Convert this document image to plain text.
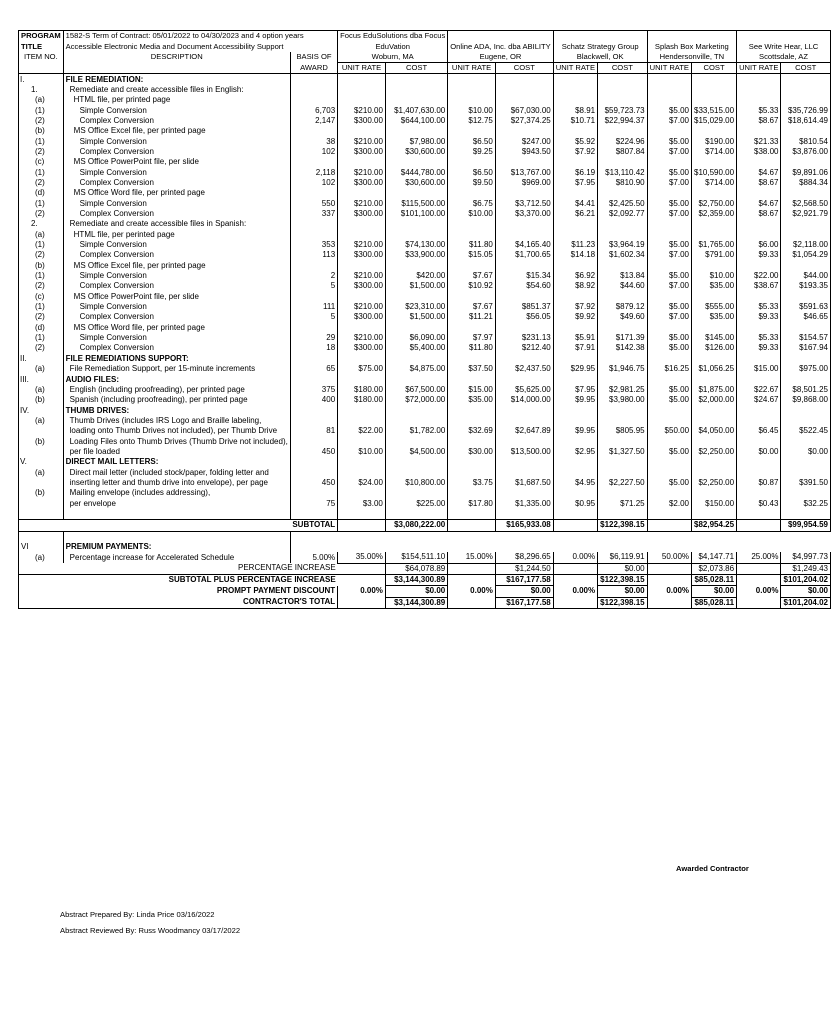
PROGRAM	1582-S Term of Contract: 05/01/2022 to 04/30/2023 and 4 option years		Focus EduSolutions dba Focus									
TITLE	Accessible Electronic Media and Document Accessibility Support		EduVation		Online ADA, Inc. dba ABILITY		Schatz Strategy Group		Splash Box Marketing		See Write Hear, LLC	
ITEM NO.	DESCRIPTION	BASIS OF	Woburn, MA		Eugene, OR		Blackwell, OK		Hendersonville, TN		Scottsdale, AZ	
		AWARD	UNIT RATE	COST	UNIT RATE	COST	UNIT RATE	COST	UNIT RATE	COST	UNIT RATE	COST
I.	FILE REMEDIATION:											
1.	Remediate and create accessible files in English:											
(a)	HTML file, per printed page											
(1)	Simple Conversion	6,703	$210.00	$1,407,630.00	$10.00	$67,030.00	$8.91	$59,723.73	$5.00	$33,515.00	$5.33	$35,726.99
(2)	Complex Conversion	2,147	$300.00	$644,100.00	$12.75	$27,374.25	$10.71	$22,994.37	$7.00	$15,029.00	$8.67	$18,614.49
(b)	MS Office Excel file, per printed page											
(1)	Simple Conversion	38	$210.00	$7,980.00	$6.50	$247.00	$5.92	$224.96	$5.00	$190.00	$21.33	$810.54
(2)	Complex Conversion	102	$300.00	$30,600.00	$9.25	$943.50	$7.92	$807.84	$7.00	$714.00	$38.00	$3,876.00
(c)	MS Office PowerPoint file, per slide											
(1)	Simple Conversion	2,118	$210.00	$444,780.00	$6.50	$13,767.00	$6.19	$13,110.42	$5.00	$10,590.00	$4.67	$9,891.06
(2)	Complex Conversion	102	$300.00	$30,600.00	$9.50	$969.00	$7.95	$810.90	$7.00	$714.00	$8.67	$884.34
(d)	MS Office Word file, per printed page											
(1)	Simple Conversion	550	$210.00	$115,500.00	$6.75	$3,712.50	$4.41	$2,425.50	$5.00	$2,750.00	$4.67	$2,568.50
(2)	Complex Conversion	337	$300.00	$101,100.00	$10.00	$3,370.00	$6.21	$2,092.77	$7.00	$2,359.00	$8.67	$2,921.79
2.	Remediate and create accessible files in Spanish:											
(a)	HTML file, per perinted page											
(1)	Simple Conversion	353	$210.00	$74,130.00	$11.80	$4,165.40	$11.23	$3,964.19	$5.00	$1,765.00	$6.00	$2,118.00
(2)	Complex Conversion	113	$300.00	$33,900.00	$15.05	$1,700.65	$14.18	$1,602.34	$7.00	$791.00	$9.33	$1,054.29
(b)	MS Office Excel file, per printed page											
(1)	Simple Conversion	2	$210.00	$420.00	$7.67	$15.34	$6.92	$13.84	$5.00	$10.00	$22.00	$44.00
(2)	Complex Conversion	5	$300.00	$1,500.00	$10.92	$54.60	$8.92	$44.60	$7.00	$35.00	$38.67	$193.35
(c)	MS Office PowerPoint file, per slide											
(1)	Simple Conversion	111	$210.00	$23,310.00	$7.67	$851.37	$7.92	$879.12	$5.00	$555.00	$5.33	$591.63
(2)	Complex Conversion	5	$300.00	$1,500.00	$11.21	$56.05	$9.92	$49.60	$7.00	$35.00	$9.33	$46.65
(d)	MS Office Word file, per printed page											
(1)	Simple Conversion	29	$210.00	$6,090.00	$7.97	$231.13	$5.91	$171.39	$5.00	$145.00	$5.33	$154.57
(2)	Complex Conversion	18	$300.00	$5,400.00	$11.80	$212.40	$7.91	$142.38	$5.00	$126.00	$9.33	$167.94
II.	FILE REMEDIATIONS SUPPORT:											
(a)	File Remediation Support, per 15-minute increments	65	$75.00	$4,875.00	$37.50	$2,437.50	$29.95	$1,946.75	$16.25	$1,056.25	$15.00	$975.00
III.	AUDIO FILES:											
(a)	English (including proofreading), per printed page	375	$180.00	$67,500.00	$15.00	$5,625.00	$7.95	$2,981.25	$5.00	$1,875.00	$22.67	$8,501.25
(b)	Spanish (including proofreading), per printed page	400	$180.00	$72,000.00	$35.00	$14,000.00	$9.95	$3,980.00	$5.00	$2,000.00	$24.67	$9,868.00
IV.	THUMB DRIVES:											
(a)	Thumb Drives (includes IRS Logo and Braille labeling,											
	loading onto Thumb Drives not included), per Thumb Drive	81	$22.00	$1,782.00	$32.69	$2,647.89	$9.95	$805.95	$50.00	$4,050.00	$6.45	$522.45
(b)	Loading Files onto Thumb Drives (Thumb Drive not included),											
	per file loaded	450	$10.00	$4,500.00	$30.00	$13,500.00	$2.95	$1,327.50	$5.00	$2,250.00	$0.00	$0.00
V.	DIRECT MAIL LETTERS:											
(a)	Direct mail letter (included stock/paper, folding letter and											
	inserting letter and thumb drive into envelope), per page	450	$24.00	$10,800.00	$3.75	$1,687.50	$4.95	$2,227.50	$5.00	$2,250.00	$0.87	$391.50
(b)	Mailing envelope (includes addressing),											
	per envelope	75	$3.00	$225.00	$17.80	$1,335.00	$0.95	$71.25	$2.00	$150.00	$0.43	$32.25

		SUBTOTAL		$3,080,222.00		$165,933.08		$122,398.15		$82,954.25		$99,954.59

VI	PREMIUM PAYMENTS:											
(a)	Percentage increase for Accelerated Schedule	5.00%	35.00%	$154,511.10	15.00%	$8,296.65	0.00%	$6,119.91	50.00%	$4,147.71	25.00%	$4,997.73
PERCENTAGE INCREASE				$64,078.89		$1,244.50		$0.00		$2,073.86		$1,249.43
SUBTOTAL PLUS PERCENTAGE INCREASE				$3,144,300.89		$167,177.58		$122,398.15		$85,028.11		$101,204.02
PROMPT PAYMENT DISCOUNT			0.00%	$0.00	0.00%	$0.00	0.00%	$0.00	0.00%	$0.00	0.00%	$0.00
CONTRACTOR'S TOTAL				$3,144,300.89		$167,177.58		$122,398.15		$85,028.11		$101,204.02
Awarded Contractor
Abstract Prepared By: Linda Price 03/16/2022
Abstract Reviewed By: Russ Woodmancy 03/17/2022
